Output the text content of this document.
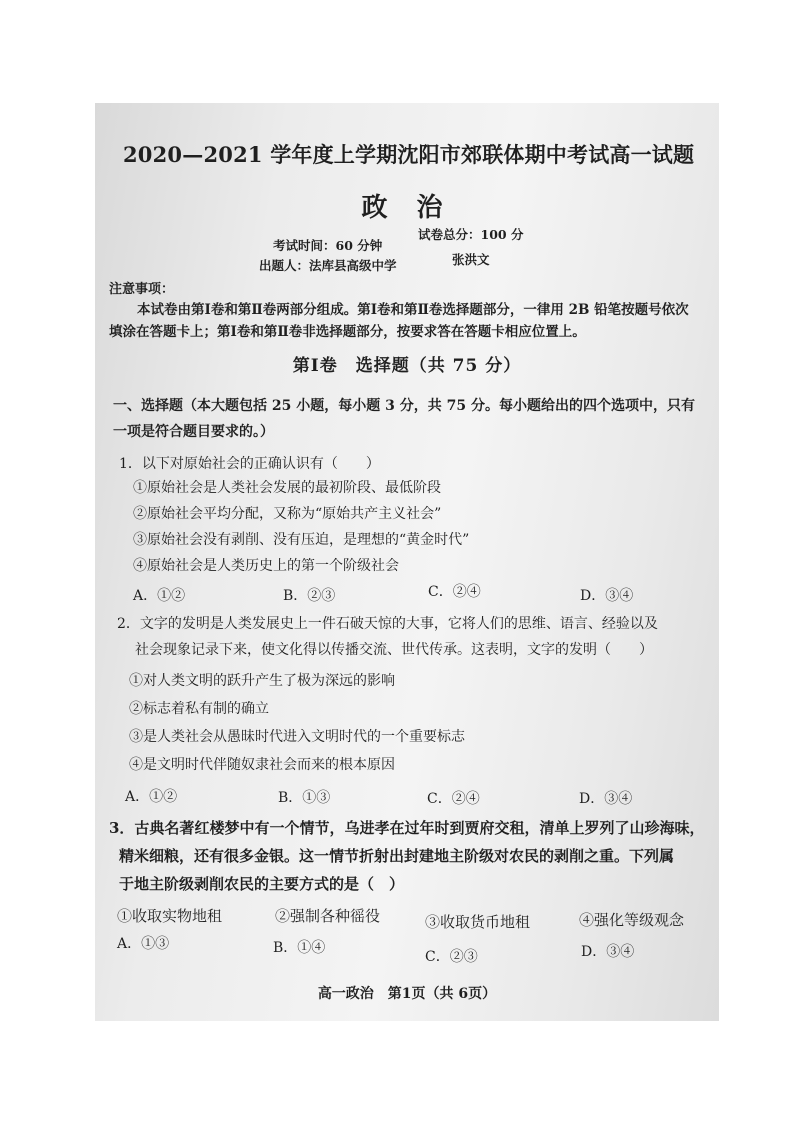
2020—2021 学年度上学期沈阳市郊联体期中考试高一试题
政 治
考试时间：60 分钟
试卷总分：100 分
出题人：法库县高级中学	张洪文
注意事项：
本试卷由第Ⅰ卷和第Ⅱ卷两部分组成。第Ⅰ卷和第Ⅱ卷选择题部分，一律用 2B 铅笔按题号依次填涂在答题卡上；第Ⅰ卷和第Ⅱ卷非选择题部分，按要求答在答题卡相应位置上。
第Ⅰ卷　选择题（共 75 分）
一、选择题（本大题包括 25 小题，每小题 3 分，共 75 分。每小题给出的四个选项中，只有一项是符合题目要求的。）
1．以下对原始社会的正确认识有（　　）
①原始社会是人类社会发展的最初阶段、最低阶段
②原始社会平均分配，又称为“原始共产主义社会”
③原始社会没有剥削、没有压迫，是理想的“黄金时代”
④原始社会是人类历史上的第一个阶级社会
A．①②	B．②③	C．②④	D．③④
2．文字的发明是人类发展史上一件石破天惊的大事，它将人们的思维、语言、经验以及
社会现象记录下来，使文化得以传播交流、世代传承。这表明，文字的发明（　　）
①对人类文明的跃升产生了极为深远的影响
②标志着私有制的确立
③是人类社会从愚昧时代进入文明时代的一个重要标志
④是文明时代伴随奴隶社会而来的根本原因
A．①②	B．①③	C．②④	D．③④
3．古典名著红楼梦中有一个情节，乌进孝在过年时到贾府交租，清单上罗列了山珍海味，
精米细粮，还有很多金银。这一情节折射出封建地主阶级对农民的剥削之重。下列属
于地主阶级剥削农民的主要方式的是（　）
①收取实物地租	②强制各种徭役	③收取货币地租	④强化等级观念
A．①③	B．①④
C．②③	D．③④
高一政治　第1页（共 6页）
